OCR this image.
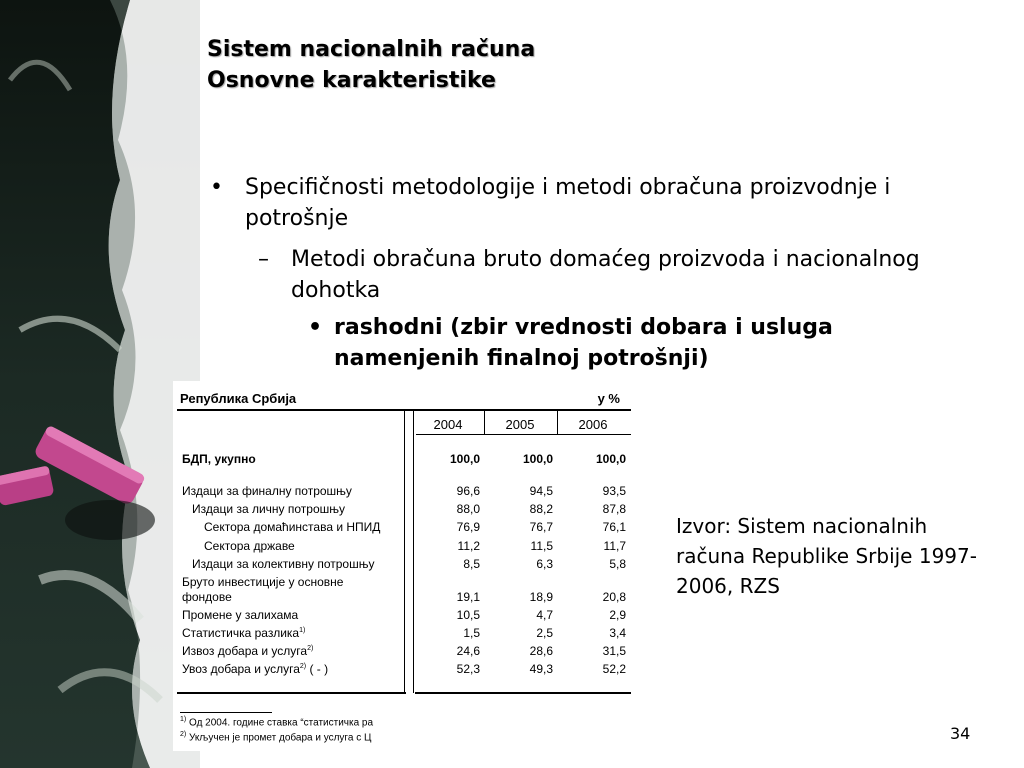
Sistem nacionalnih računa
Osnovne karakteristike
•	Specifičnosti metodologije i metodi obračuna proizvodnje i potrošnje
–	Metodi obračuna bruto domaćeg proizvoda i nacionalnog dohotka
• rashodni (zbir vrednosti dobara i usluga namenjenih finalnoj potrošnji)
Република Србија	у %
2004	2005	2006
БДП, укупно	100,0	100,0	100,0
Издаци за финалну потрошњу	96,6	94,5	93,5
Издаци за личну потрошњу	88,0	88,2	87,8
Сектора домаћинстава и НПИД	76,9	76,7	76,1
Сектора државе	11,2	11,5	11,7
Издаци за колективну потрошњу	8,5	6,3	5,8
Бруто инвестиције у основне
фондове	19,1	18,9	20,8
Промене у залихама	10,5	4,7	2,9
Статистичка разлика$^{1)}$	1,5	2,5	3,4
Извоз добара и услуга$^{2)}$	24,6	28,6	31,5
Увоз добара и услуга$^{2)}$ ( - )	52,3	49,3	52,2
$^{1)}$ Од 2004. године ставка “статистичка ра
$^{2)}$ Укључен је промет добара и услуга с Ц
Izvor: Sistem nacionalnih računa Republike Srbije 1997-2006, RZS
34
